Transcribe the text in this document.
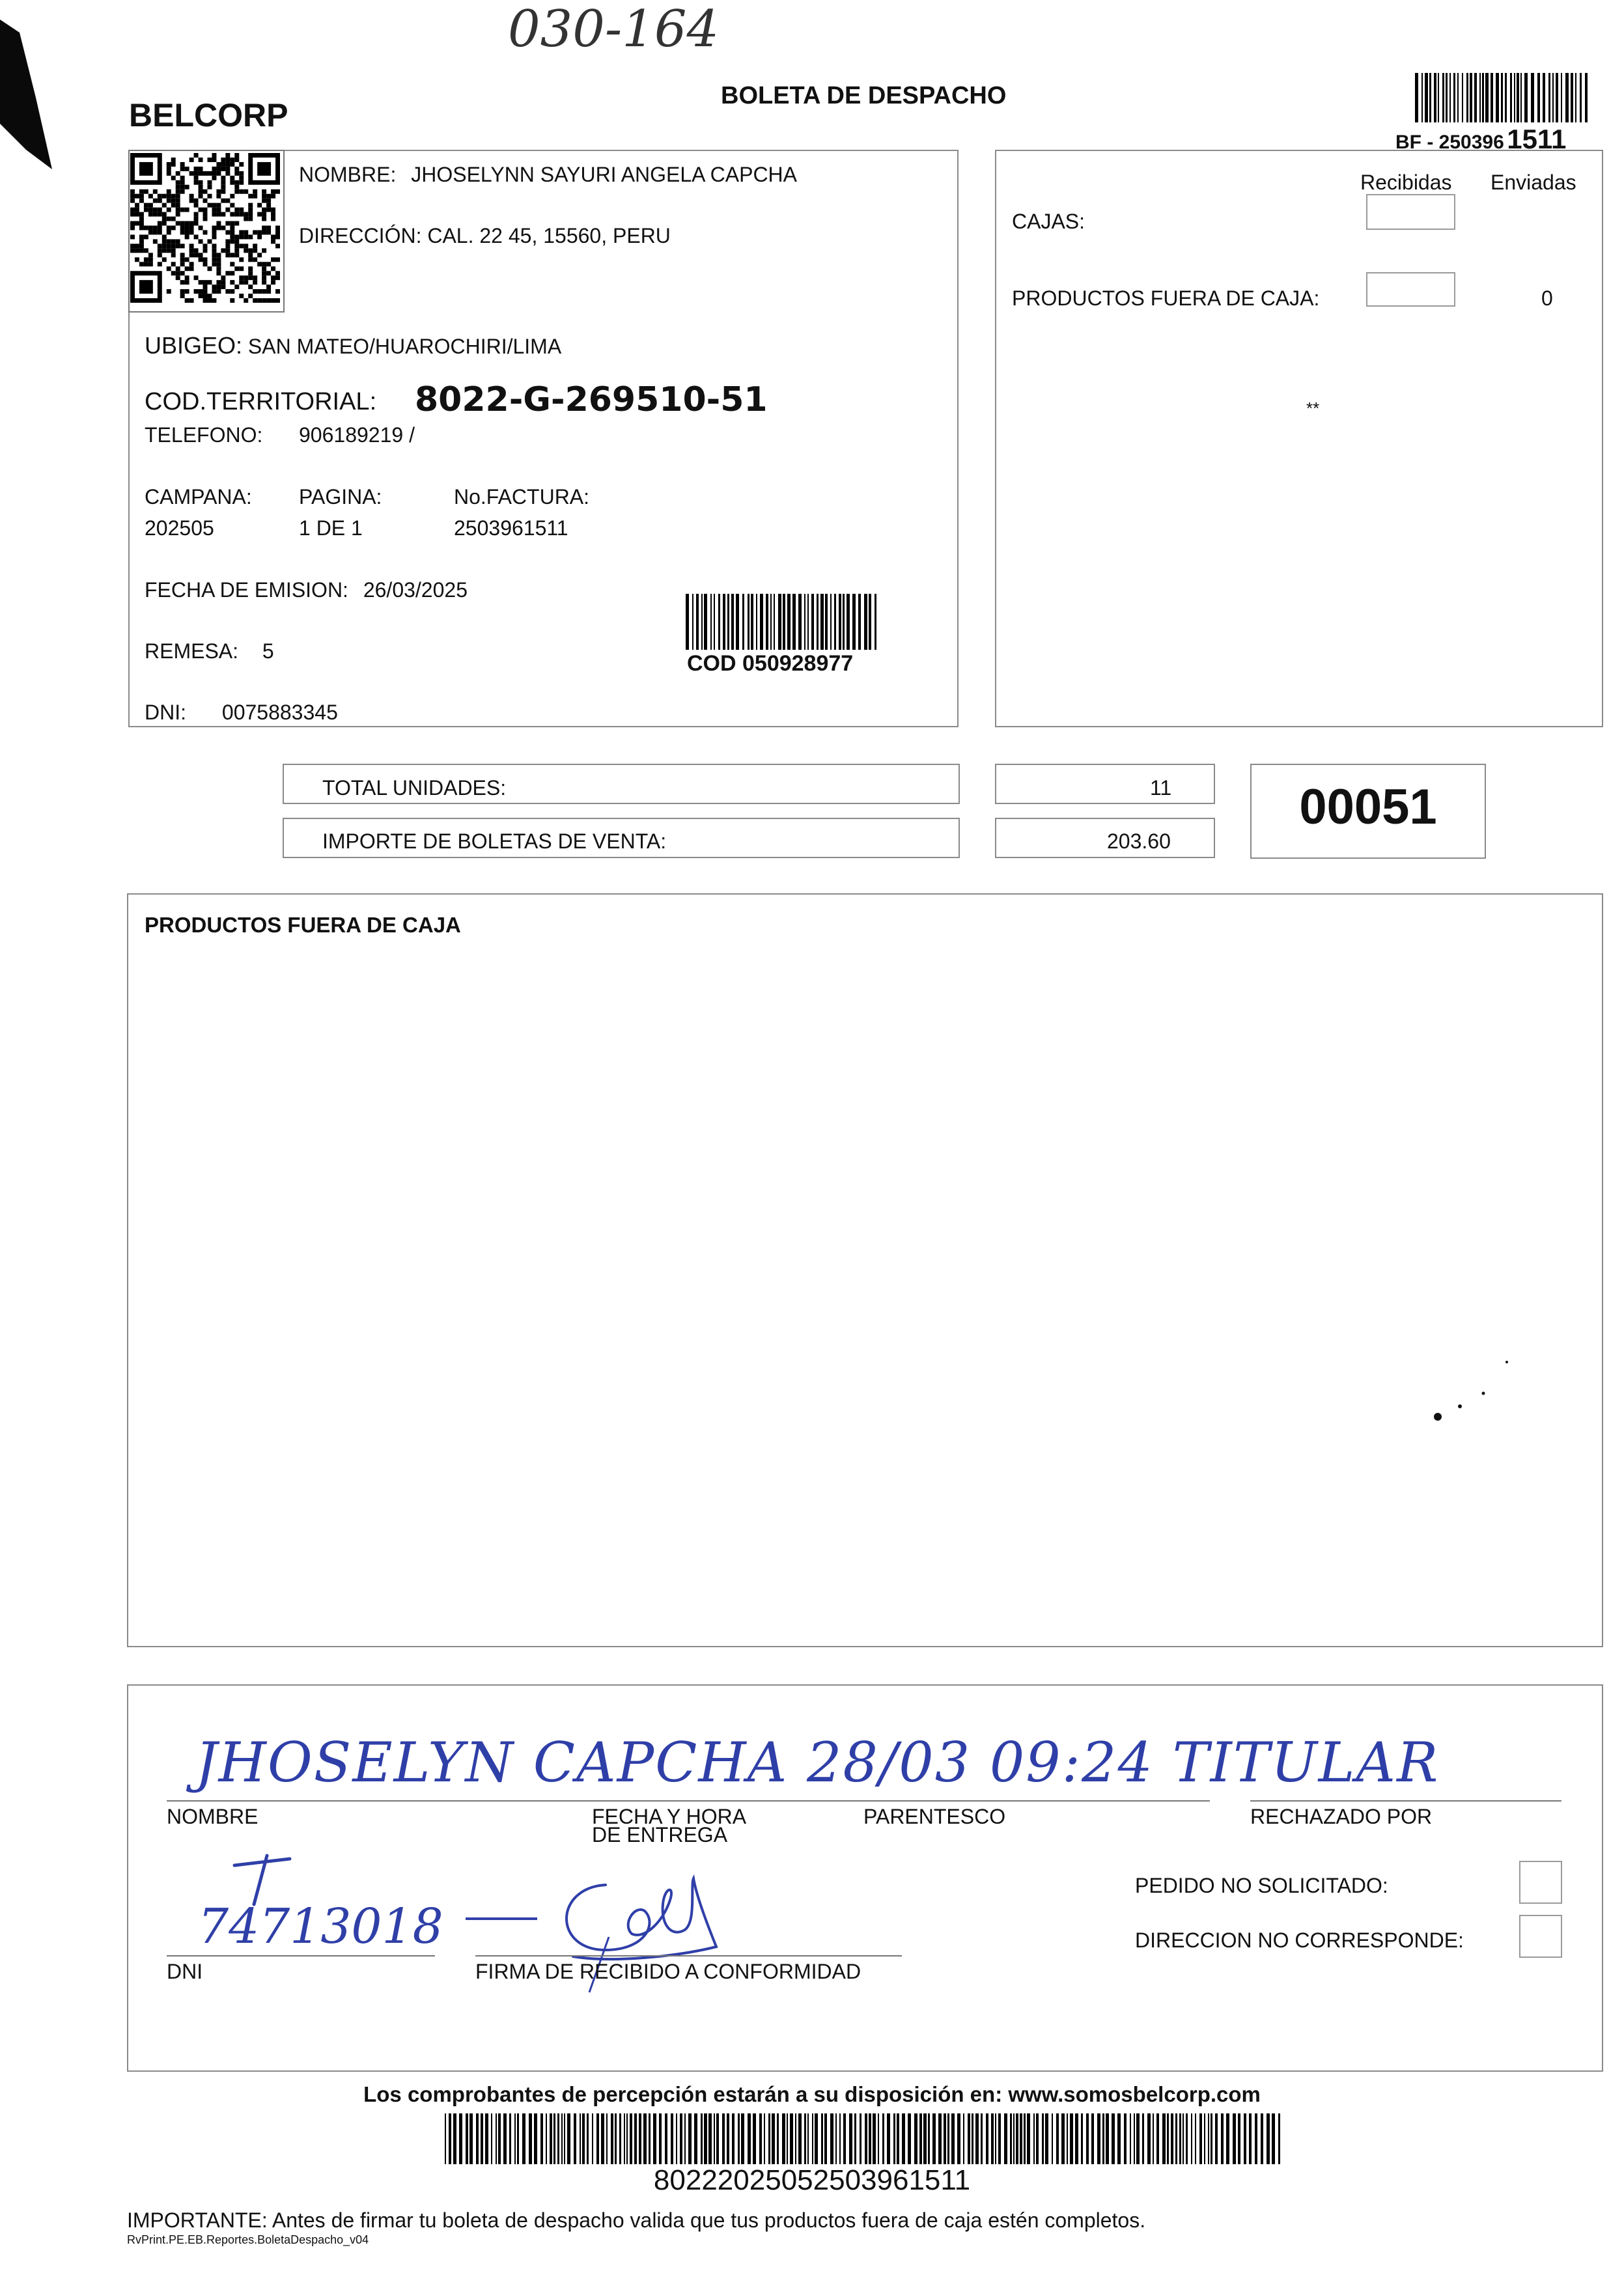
030-164
BELCORP
BOLETA DE DESPACHO
BF - 250396 1511
NOMBRE: JHOSELYNN SAYURI ANGELA CAPCHA
DIRECCIÓN: CAL. 22 45, 15560, PERU
UBIGEO: SAN MATEO/HUAROCHIRI/LIMA
COD.TERRITORIAL: 8022-G-269510-51
TELEFONO: 906189219 /
CAMPANA:
202505
PAGINA:
1 DE 1
No.FACTURA:
2503961511
FECHA DE EMISION: 26/03/2025
REMESA: 5
DNI: 0075883345
COD 050928977
Recibidas Enviadas
CAJAS:
PRODUCTOS FUERA DE CAJA:	0
**
TOTAL UNIDADES:	11
IMPORTE DE BOLETAS DE VENTA:	203.60
00051
PRODUCTOS FUERA DE CAJA
JHOSELYN CAPCHA 28/03 09:24 TITULAR
NOMBRE	FECHA Y HORA
DE ENTREGA
PARENTESCO	RECHAZADO POR
PEDIDO NO SOLICITADO:
DIRECCION NO CORRESPONDE:
74713018
DNI	FIRMA DE RECIBIDO A CONFORMIDAD
Los comprobantes de percepción estarán a su disposición en: www.somosbelcorp.com
80222025052503961511
IMPORTANTE: Antes de firmar tu boleta de despacho valida que tus productos fuera de caja estén completos.
RvPrint.PE.EB.Reportes.BoletaDespacho_v04
